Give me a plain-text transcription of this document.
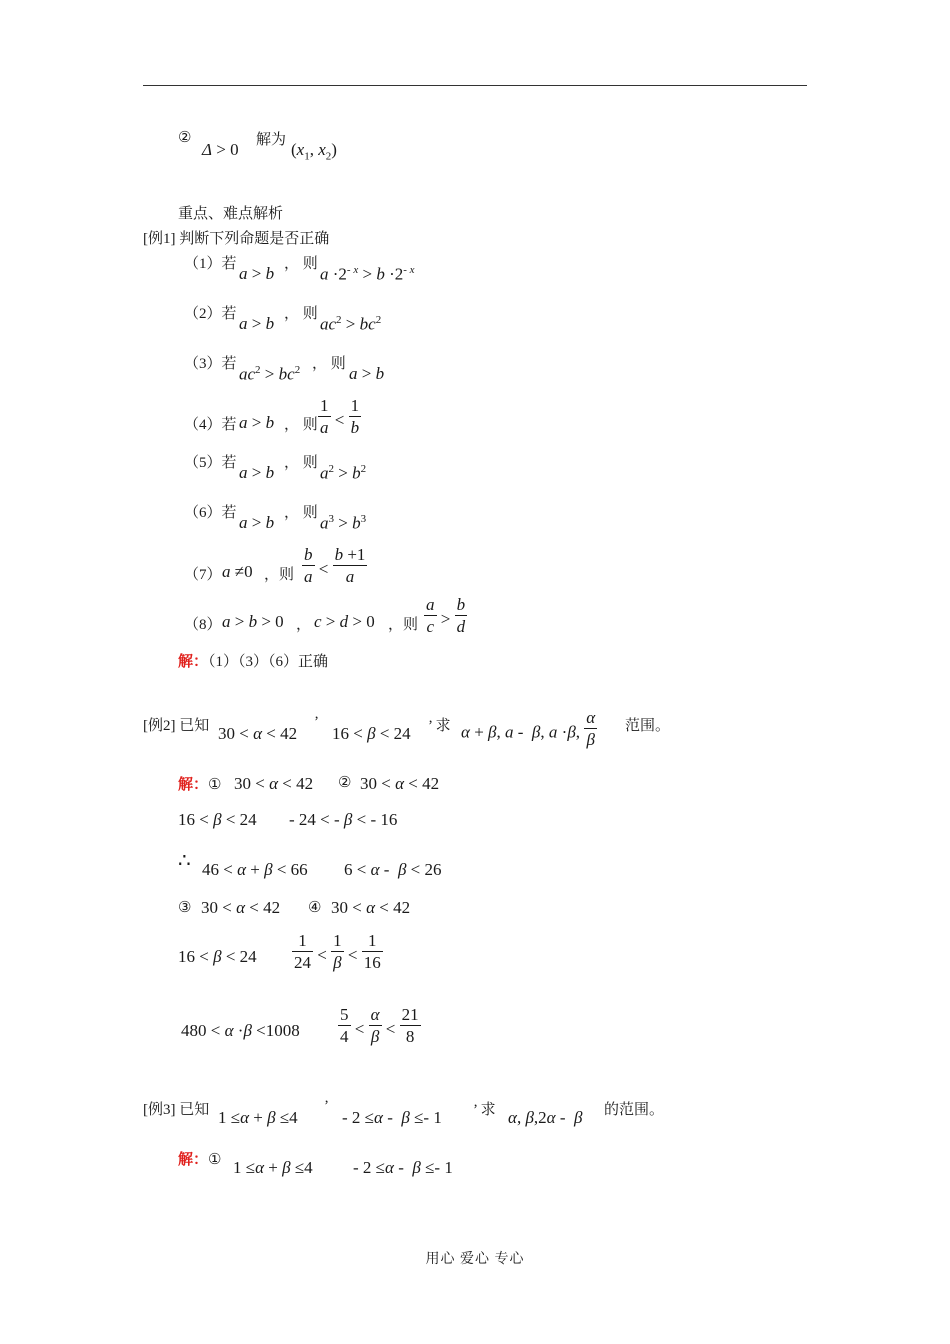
②
Δ > 0 解为 ($x_1$, $x_2$)
重点、难点解析
[例1] 判断下列命题是否正确
（1）若 a > b ， 则
$a \cdot 2^{- x} > b \cdot 2^{- x}$
（2）若 a > b ， 则
$ac^2 > bc^2$
（3）若
$ac^2 > bc^2$ ， 则 a > b
（4）若 a > b ， 则 $\frac{1}{a} < \frac{1}{b}$
（5）若 a > b ， 则
$a^2 > b^2$
（6）若 a > b ， 则
$a^3 > b^3$
（7） a ≠0 ，则 $\frac{b}{a} < \frac{b +1}{a}$
（8） a > b > 0 ， c > d > 0 ，则 $\frac{a}{c} > \frac{b}{d}$
解：（1）（3）（6）正确
[例2] 已知 30 < α < 42
’
16 < β < 24 ’ 求 α + β, a -  β, a ·β, $\frac{\alpha}{\beta}$ 范围。
解：① 30 < α < 42 ② 30 < α < 42
16 < β < 24 - 24 < - β < - 16
∴ 46 < α + β < 66 6 < α -  β < 26
③ 30 < α < 42 ④ 30 < α < 42
$16 < \beta < 24 \frac{1}{24} < \frac{1}{\beta} < \frac{1}{16}$
$480 < \alpha \cdot\beta <1008 \frac{5}{4} < \frac{\alpha}{\beta} < \frac{21}{8}$
[例3] 已知 1 ≤α + β ≤4
’
- 2 ≤α -  β ≤- 1 ’ 求 α, β,2α -  β 的范围。
解：① 1 ≤α + β ≤4 - 2 ≤α -  β ≤- 1
用心 爱心 专心
